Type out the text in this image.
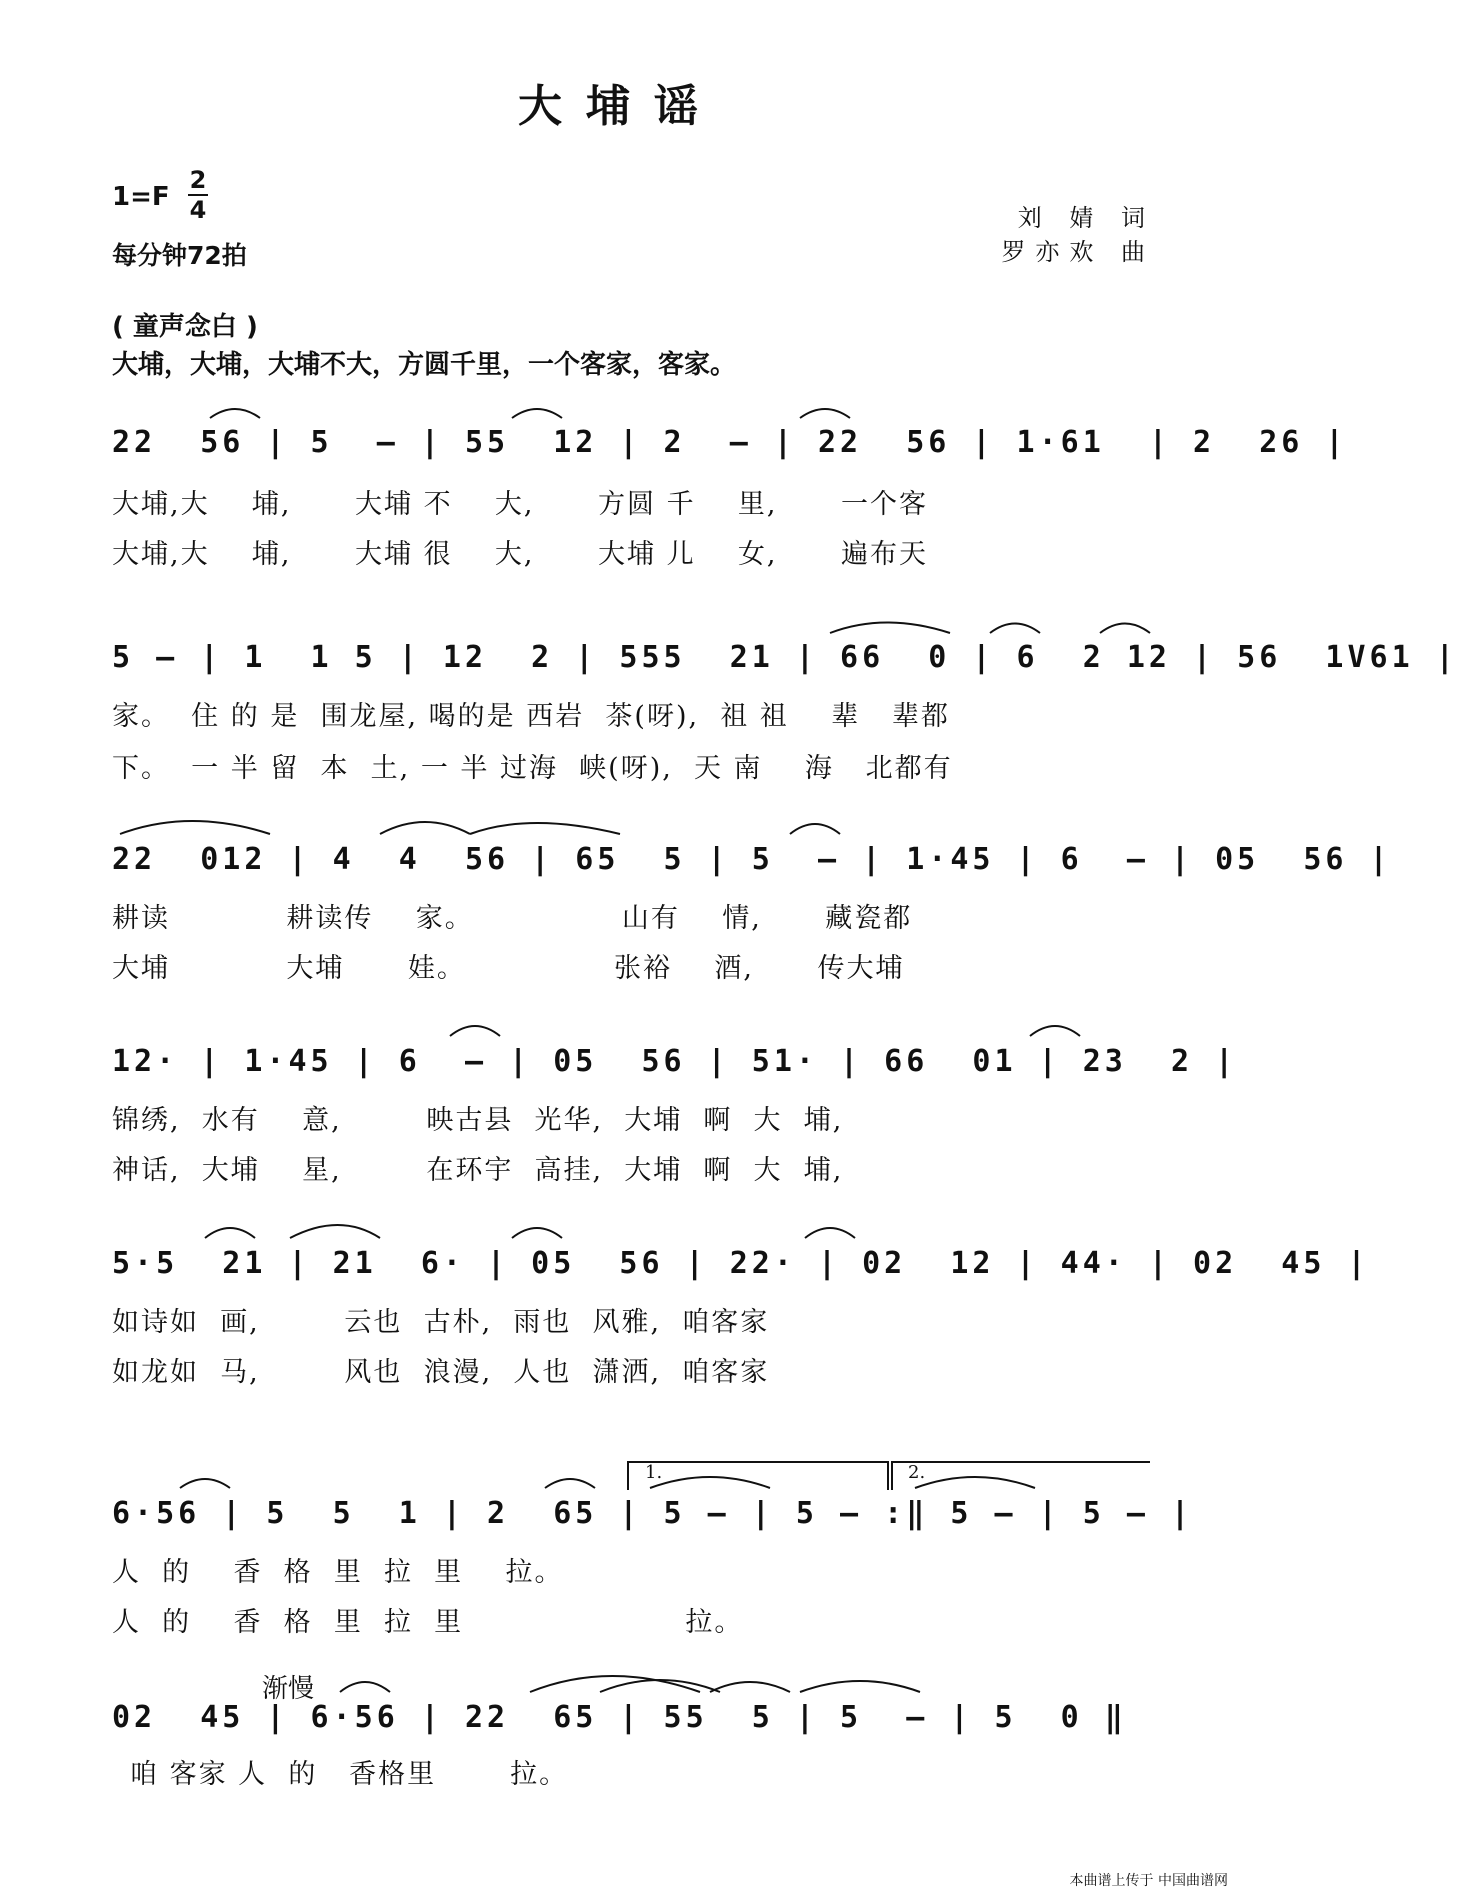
大埔谣
1=F
2
4
每分钟72拍
刘 婧 词
罗亦欢 曲
( 童声念白 )
大埔，大埔，大埔不大，方圆千里，一个客家，客家。
22  56 | 5  — | 55  12 | 2  — | 22  56 | 1·61  | 2  26 |
大埔,大    埔,      大埔 不    大,      方圆 千    里,      一个客
大埔,大    埔,      大埔 很    大,      大埔 儿    女,      遍布天
5 — | 1  1 5 | 12  2 | 555  21 | 66  0 | 6  2 12 | 56  1V61 |
家。  住 的 是  围龙屋, 喝的是 西岩  茶(呀),  祖 祖    辈   辈都
下。  一 半 留  本  土, 一 半 过海  峡(呀),  天 南    海   北都有
22  012 | 4  4  56 | 65  5 | 5  — | 1·45 | 6  — | 05  56 |
耕读           耕读传    家。              山有    情,      藏瓷都
大埔           大埔      娃。              张裕    酒,      传大埔
12· | 1·45 | 6  — | 05  56 | 51· | 66  01 | 23  2 |
锦绣,  水有    意,        映古县  光华,  大埔  啊  大  埔,
神话,  大埔    星,        在环宇  高挂,  大埔  啊  大  埔,
5·5  21 | 21  6· | 05  56 | 22· | 02  12 | 44· | 02  45 |
如诗如  画,        云也  古朴,  雨也  风雅,  咱客家
如龙如  马,        风也  浪漫,  人也  潇洒,  咱客家
1.	2.
6·56 | 5  5  1 | 2  65 | 5 — | 5 — :‖ 5 — | 5 — |
人  的    香  格  里  拉  里    拉。
人  的    香  格  里  拉  里                     拉。
渐慢
02  45 | 6·56 | 22  65 | 55  5 | 5  — | 5  0 ‖
咱 客家 人  的   香格里       拉。
本曲谱上传于 中国曲谱网
